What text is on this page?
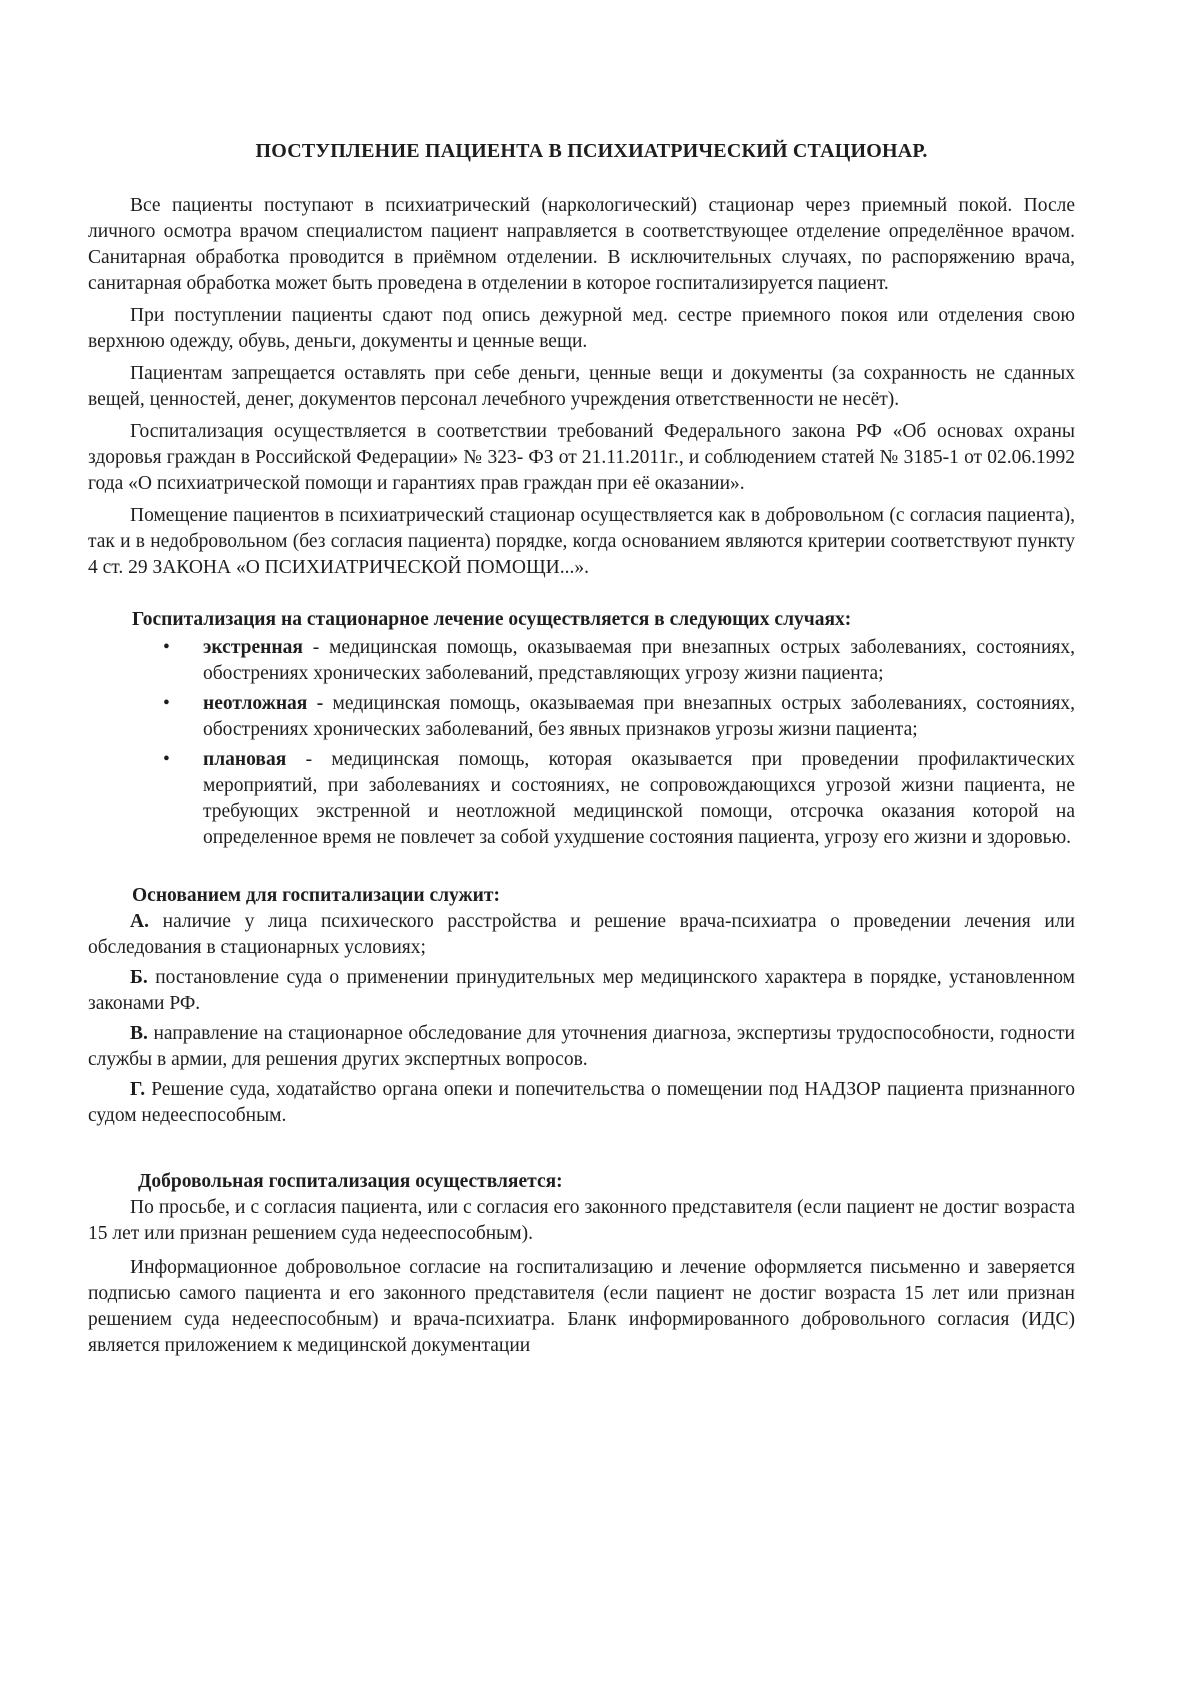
ПОСТУПЛЕНИЕ ПАЦИЕНТА В ПСИХИАТРИЧЕСКИЙ СТАЦИОНАР.

Все пациенты поступают в психиатрический (наркологический) стационар через приемный покой. После личного осмотра врачом специалистом пациент направляется в соответствующее отделение определённое врачом. Санитарная обработка проводится в приёмном отделении. В исключительных случаях, по распоряжению врача, санитарная обработка может быть проведена в отделении в которое госпитализируется пациент.

При поступлении пациенты сдают под опись дежурной мед. сестре приемного покоя или отделения свою верхнюю одежду, обувь, деньги, документы и ценные вещи.

Пациентам запрещается оставлять при себе деньги, ценные вещи и документы (за сохранность не сданных вещей, ценностей, денег, документов персонал лечебного учреждения ответственности не несёт).

Госпитализация осуществляется в соответствии требований Федерального закона РФ «Об основах охраны здоровья граждан в Российской Федерации» № 323- ФЗ от 21.11.2011г., и соблюдением статей № 3185-1 от 02.06.1992 года «О психиатрической помощи и гарантиях прав граждан при её оказании».

Помещение пациентов в психиатрический стационар осуществляется как в добровольном (с согласия пациента), так и в недобровольном (без согласия пациента) порядке, когда основанием являются критерии соответствуют пункту 4 ст. 29 ЗАКОНА «О ПСИХИАТРИЧЕСКОЙ ПОМОЩИ...».

Госпитализация на стационарное лечение осуществляется в следующих случаях:

• экстренная - медицинская помощь, оказываемая при внезапных острых заболеваниях, состояниях, обострениях хронических заболеваний, представляющих угрозу жизни пациента;
• неотложная - медицинская помощь, оказываемая при внезапных острых заболеваниях, состояниях, обострениях хронических заболеваний, без явных признаков угрозы жизни пациента;
• плановая - медицинская помощь, которая оказывается при проведении профилактических мероприятий, при заболеваниях и состояниях, не сопровождающихся угрозой жизни пациента, не требующих экстренной и неотложной медицинской помощи, отсрочка оказания которой на определенное время не повлечет за собой ухудшение состояния пациента, угрозу его жизни и здоровью.

Основанием для госпитализации служит:

А. наличие у лица психического расстройства и решение врача-психиатра о проведении лечения или обследования в стационарных условиях;

Б. постановление суда о применении принудительных мер медицинского характера в порядке, установленном законами РФ.

В. направление на стационарное обследование для уточнения диагноза, экспертизы трудоспособности, годности службы в армии, для решения других экспертных вопросов.

Г. Решение суда, ходатайство органа опеки и попечительства о помещении под НАДЗОР пациента признанного судом недееспособным.

Добровольная госпитализация осуществляется:

По просьбе, и с согласия пациента, или с согласия его законного представителя (если пациент не достиг возраста 15 лет или признан решением суда недееспособным).

Информационное добровольное согласие на госпитализацию и лечение оформляется письменно и заверяется подписью самого пациента и его законного представителя (если пациент не достиг возраста 15 лет или признан решением суда недееспособным) и врача-психиатра. Бланк информированного добровольного согласия (ИДС) является приложением к медицинской документации
